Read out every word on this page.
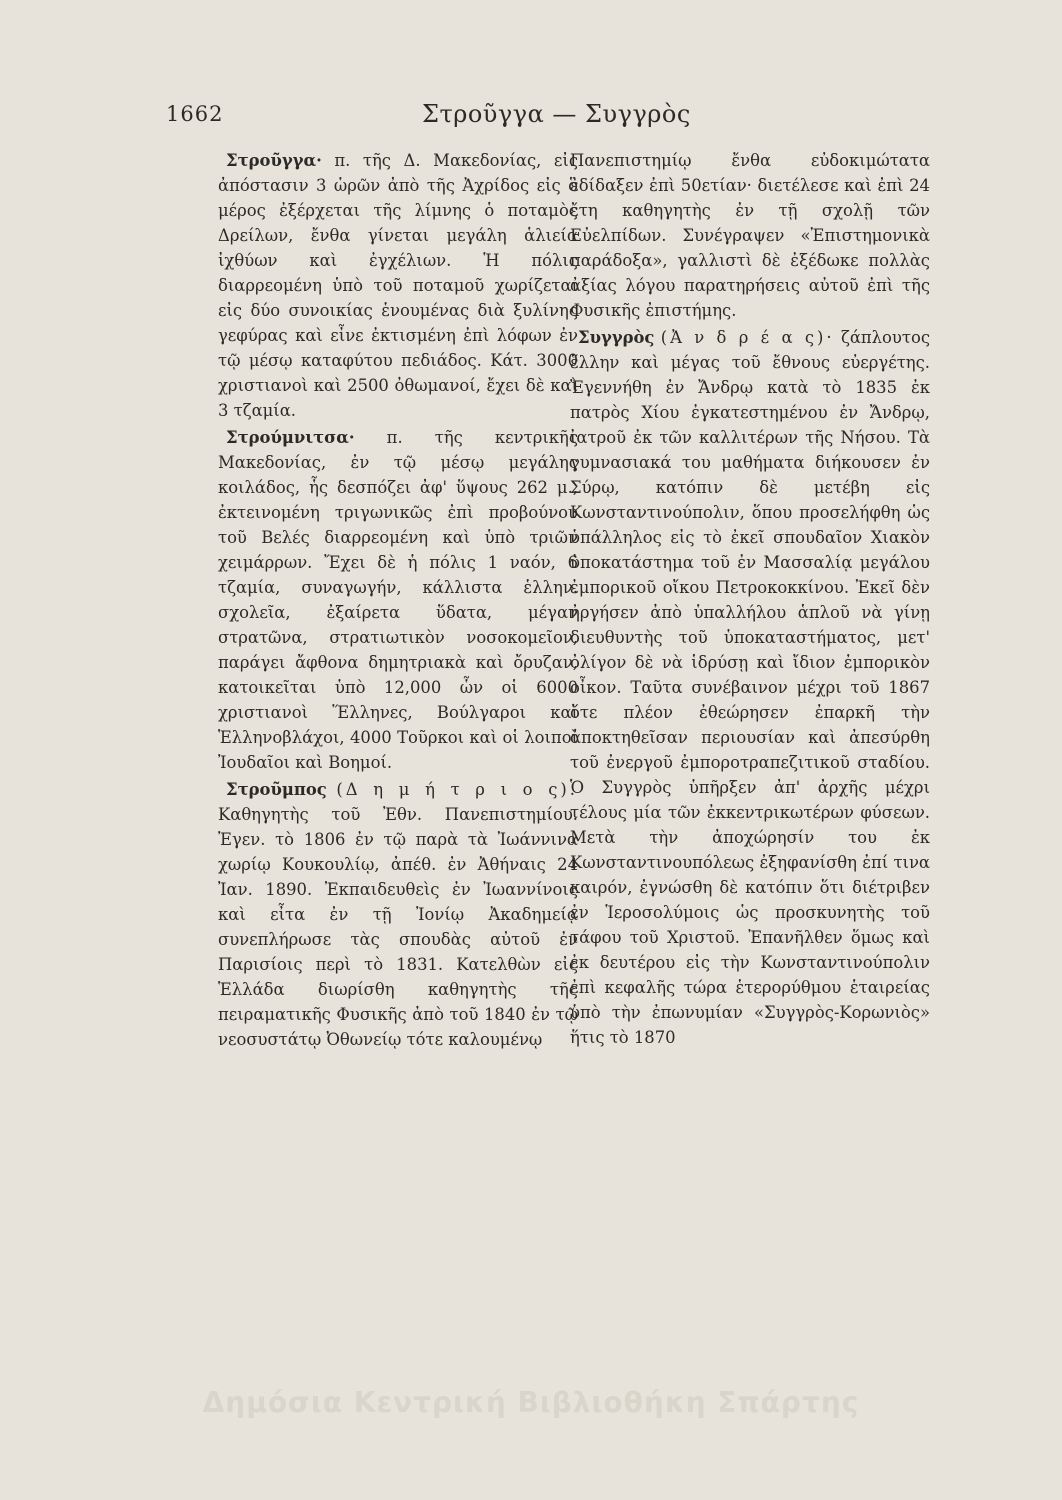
1662	Στροῦγγα — Συγγρὸς

Στροῦγγα· π. τῆς Δ. Μακεδονίας, εἰς ἀπόστασιν 3 ὡρῶν ἀπὸ τῆς Ἀχρίδος εἰς ὃ μέρος ἐξέρχεται τῆς λίμνης ὁ ποταμὸς Δρείλων, ἔνθα γίνεται μεγάλη ἁλιεία ἰχθύων καὶ ἐγχέλιων. Ἡ πόλις διαρρεομένη ὑπὸ τοῦ ποταμοῦ χωρίζεται εἰς δύο συνοικίας ἑνουμένας διὰ ξυλίνης γεφύρας καὶ εἶνε ἐκτισμένη ἐπὶ λόφων ἐν τῷ μέσῳ καταφύτου πεδιάδος. Κάτ. 3000 χριστιανοὶ καὶ 2500 ὀθωμανοί, ἔχει δὲ καὶ 3 τζαμία.

Στρούμνιτσα· π. τῆς κεντρικῆς Μακεδονίας, ἐν τῷ μέσῳ μεγάλης κοιλάδος, ἧς δεσπόζει ἀφ' ὕψους 262 μ., ἐκτεινομένη τριγωνικῶς ἐπὶ προβούνου τοῦ Βελές διαρρεομένη καὶ ὑπὸ τριῶν χειμάρρων. Ἔχει δὲ ἡ πόλις 1 ναόν, 6 τζαμία, συναγωγήν, κάλλιστα ἑλλην. σχολεῖα, ἐξαίρετα ὕδατα, μέγαν στρατῶνα, στρατιωτικὸν νοσοκομεῖον, παράγει ἄφθονα δημητριακὰ καὶ ὄρυζαν, κατοικεῖται ὑπὸ 12,000 ὧν οἱ 6000 χριστιανοὶ Ἕλληνες, Βούλγαροι καὶ Ἑλληνοβλάχοι, 4000 Τοῦρκοι καὶ οἱ λοιποὶ Ἰουδαῖοι καὶ Βοημοί.

Στροῦμπος (Δ η μ ή τ ρ ι ο ς). Καθηγητὴς τοῦ Ἐθν. Πανεπιστημίου. Ἐγεν. τὸ 1806 ἐν τῷ παρὰ τὰ Ἰωάννινα χωρίῳ Κουκουλίῳ, ἀπέθ. ἐν Ἀθήναις 24 Ἰαν. 1890. Ἐκπαιδευθεὶς ἐν Ἰωαννίνοις καὶ εἶτα ἐν τῇ Ἰονίῳ Ἀκαδημείᾳ συνεπλήρωσε τὰς σπουδὰς αὐτοῦ ἐν Παρισίοις περὶ τὸ 1831. Κατελθὼν εἰς Ἑλλάδα διωρίσθη καθηγητὴς τῆς πειραματικῆς Φυσικῆς ἀπὸ τοῦ 1840 ἐν τῷ νεοσυστάτῳ Ὀθωνείῳ τότε καλουμένῳ

Πανεπιστημίῳ ἔνθα εὐδοκιμώτατα ἐδίδαξεν ἐπὶ 50ετίαν· διετέλεσε καὶ ἐπὶ 24 ἔτη καθηγητὴς ἐν τῇ σχολῇ τῶν Εὐελπίδων. Συνέγραψεν «Ἐπιστημονικὰ παράδοξα», γαλλιστὶ δὲ ἐξέδωκε πολλὰς ἀξίας λόγου παρατηρήσεις αὐτοῦ ἐπὶ τῆς Φυσικῆς ἐπιστήμης.

Συγγρὸς (Ἀ ν δ ρ έ α ς)· ζάπλουτος ἕλλην καὶ μέγας τοῦ ἔθνους εὐεργέτης. Ἐγεννήθη ἐν Ἄνδρῳ κατὰ τὸ 1835 ἐκ πατρὸς Χίου ἐγκατεστημένου ἐν Ἄνδρῳ, ἰατροῦ ἐκ τῶν καλλιτέρων τῆς Νήσου. Τὰ γυμνασιακά του μαθήματα διήκουσεν ἐν Σύρῳ, κατόπιν δὲ μετέβη εἰς Κωνσταντινούπολιν, ὅπου προσελήφθη ὡς ὑπάλληλος εἰς τὸ ἐκεῖ σπουδαῖον Χιακὸν ὑποκατάστημα τοῦ ἐν Μασσαλίᾳ μεγάλου ἐμπορικοῦ οἴκου Πετροκοκκίνου. Ἐκεῖ δὲν ἠργήσεν ἀπὸ ὑπαλλήλου ἁπλοῦ νὰ γίνῃ διευθυντὴς τοῦ ὑποκαταστήματος, μετ' ὀλίγον δὲ νὰ ἱδρύσῃ καὶ ἴδιον ἐμπορικὸν οἶκον. Ταῦτα συνέβαινον μέχρι τοῦ 1867 ὅτε πλέον ἐθεώρησεν ἐπαρκῆ τὴν ἀποκτηθεῖσαν περιουσίαν καὶ ἀπεσύρθη τοῦ ἐνεργοῦ ἐμποροτραπεζιτικοῦ σταδίου. Ὁ Συγγρὸς ὑπῆρξεν ἀπ' ἀρχῆς μέχρι τέλους μία τῶν ἐκκεντρικωτέρων φύσεων. Μετὰ τὴν ἀποχώρησίν του ἐκ Κωνσταντινουπόλεως ἐξηφανίσθη ἐπί τινα καιρόν, ἐγνώσθη δὲ κατόπιν ὅτι διέτριβεν ἐν Ἱεροσολύμοις ὡς προσκυνητὴς τοῦ τάφου τοῦ Χριστοῦ. Ἐπανῆλθεν ὅμως καὶ ἐκ δευτέρου εἰς τὴν Κωνσταντινούπολιν ἐπὶ κεφαλῆς τώρα ἑτερορύθμου ἑταιρείας ὑπὸ τὴν ἐπωνυμίαν «Συγγρὸς-Κορωνιὸς» ἥτις τὸ 1870

Δημόσια Κεντρική Βιβλιοθήκη Σπάρτης
